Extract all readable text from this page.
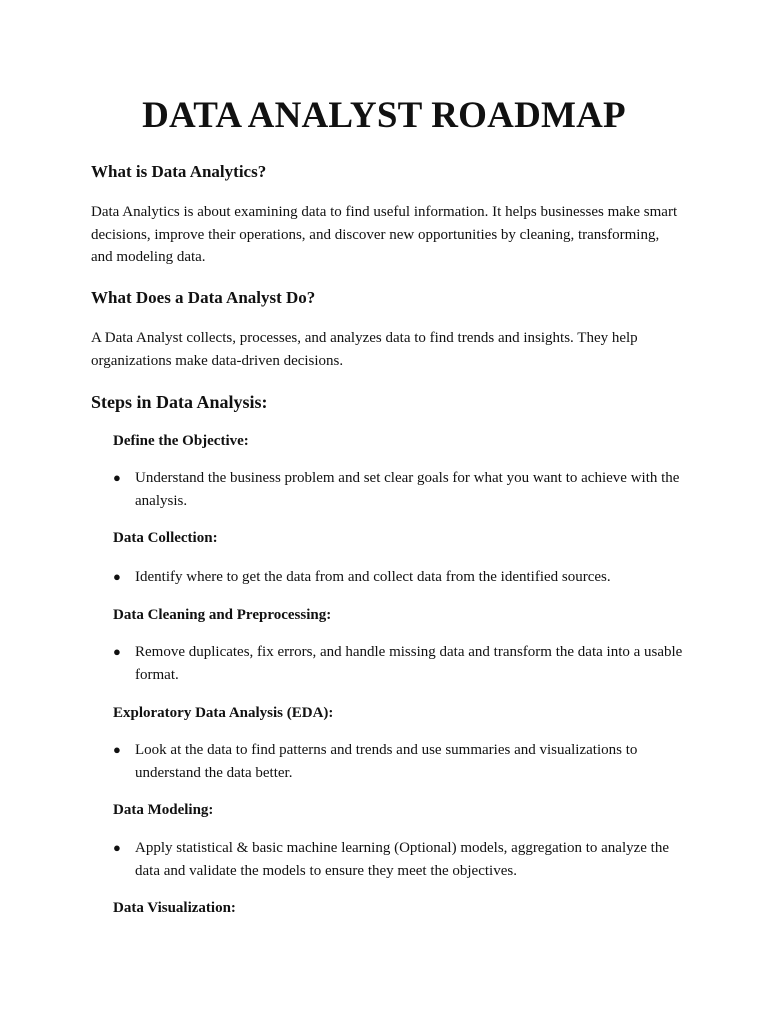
DATA ANALYST ROADMAP
What is Data Analytics?

Data Analytics is about examining data to find useful information. It helps businesses make smart decisions, improve their operations, and discover new opportunities by cleaning, transforming, and modeling data.

What Does a Data Analyst Do?

A Data Analyst collects, processes, and analyzes data to find trends and insights. They help organizations make data-driven decisions.

Steps in Data Analysis:
Define the Objective:
● Understand the business problem and set clear goals for what you want to achieve with the analysis.
Data Collection:
● Identify where to get the data from and collect data from the identified sources.
Data Cleaning and Preprocessing:
● Remove duplicates, fix errors, and handle missing data and transform the data into a usable format.
Exploratory Data Analysis (EDA):
● Look at the data to find patterns and trends and use summaries and visualizations to understand the data better.
Data Modeling:
● Apply statistical & basic machine learning (Optional) models, aggregation to analyze the data and validate the models to ensure they meet the objectives.
Data Visualization:
